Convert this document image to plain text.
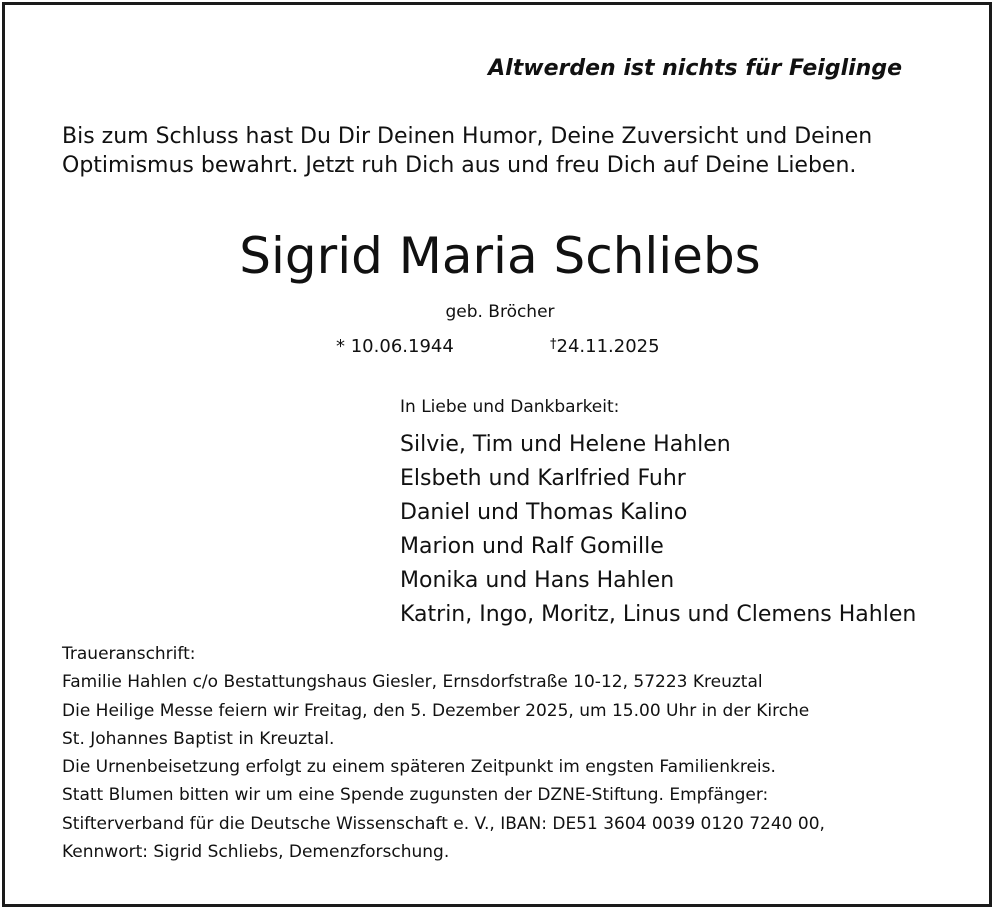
Altwerden ist nichts für Feiglinge
Bis zum Schluss hast Du Dir Deinen Humor, Deine Zuversicht und Deinen
Optimismus bewahrt. Jetzt ruh Dich aus und freu Dich auf Deine Lieben.
Sigrid Maria Schliebs
geb. Bröcher
* 10.06.1944	†24.11.2025
In Liebe und Dankbarkeit:
Silvie, Tim und Helene Hahlen
Elsbeth und Karlfried Fuhr
Daniel und Thomas Kalino
Marion und Ralf Gomille
Monika und Hans Hahlen
Katrin, Ingo, Moritz, Linus und Clemens Hahlen
Traueranschrift:
Familie Hahlen c/o Bestattungshaus Giesler, Ernsdorfstraße 10-12, 57223 Kreuztal
Die Heilige Messe feiern wir Freitag, den 5. Dezember 2025, um 15.00 Uhr in der Kirche
St. Johannes Baptist in Kreuztal.
Die Urnenbeisetzung erfolgt zu einem späteren Zeitpunkt im engsten Familienkreis.
Statt Blumen bitten wir um eine Spende zugunsten der DZNE-Stiftung. Empfänger:
Stifterverband für die Deutsche Wissenschaft e. V., IBAN: DE51 3604 0039 0120 7240 00,
Kennwort: Sigrid Schliebs, Demenzforschung.
